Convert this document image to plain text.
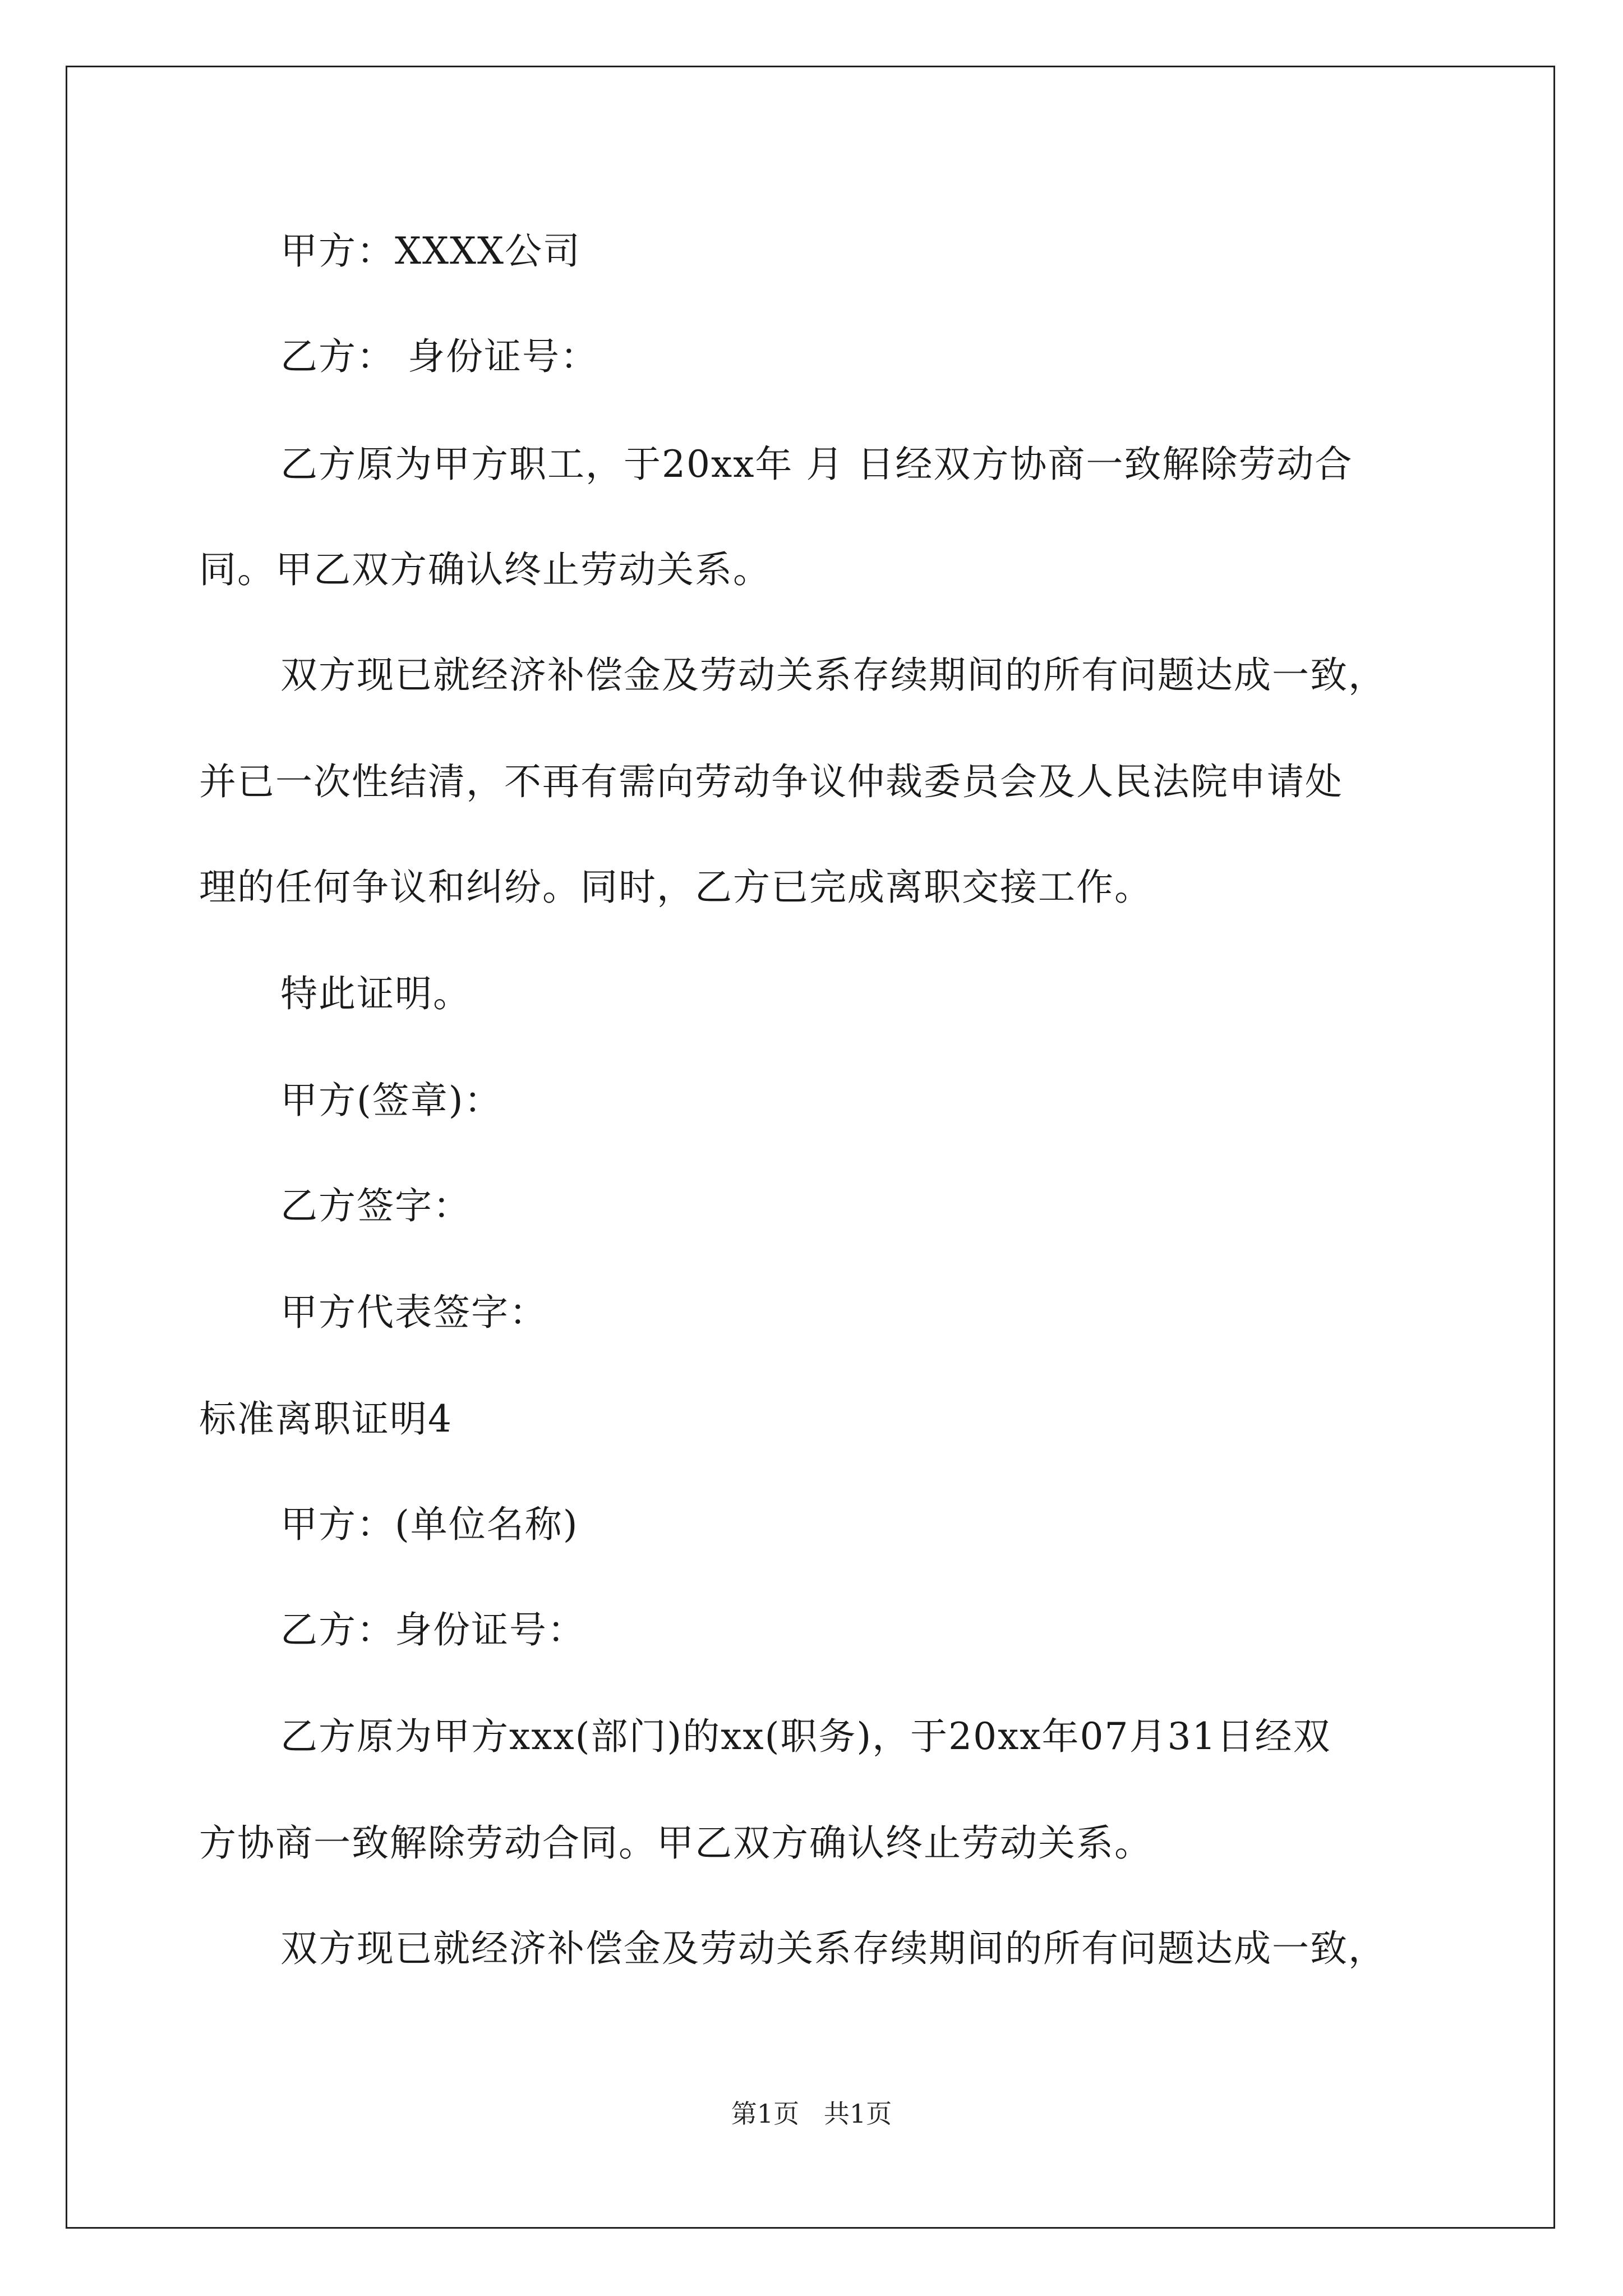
甲方：XXXX公司
乙方： 身份证号：
乙方原为甲方职工，于20xx年 月 日经双方协商一致解除劳动合
同。甲乙双方确认终止劳动关系。
双方现已就经济补偿金及劳动关系存续期间的所有问题达成一致，
并已一次性结清，不再有需向劳动争议仲裁委员会及人民法院申请处
理的任何争议和纠纷。同时，乙方已完成离职交接工作。
特此证明。
甲方(签章)：
乙方签字：
甲方代表签字：
标准离职证明4
甲方：(单位名称)
乙方：身份证号：
乙方原为甲方xxx(部门)的xx(职务)，于20xx年07月31日经双
方协商一致解除劳动合同。甲乙双方确认终止劳动关系。
双方现已就经济补偿金及劳动关系存续期间的所有问题达成一致，
第1页   共1页
